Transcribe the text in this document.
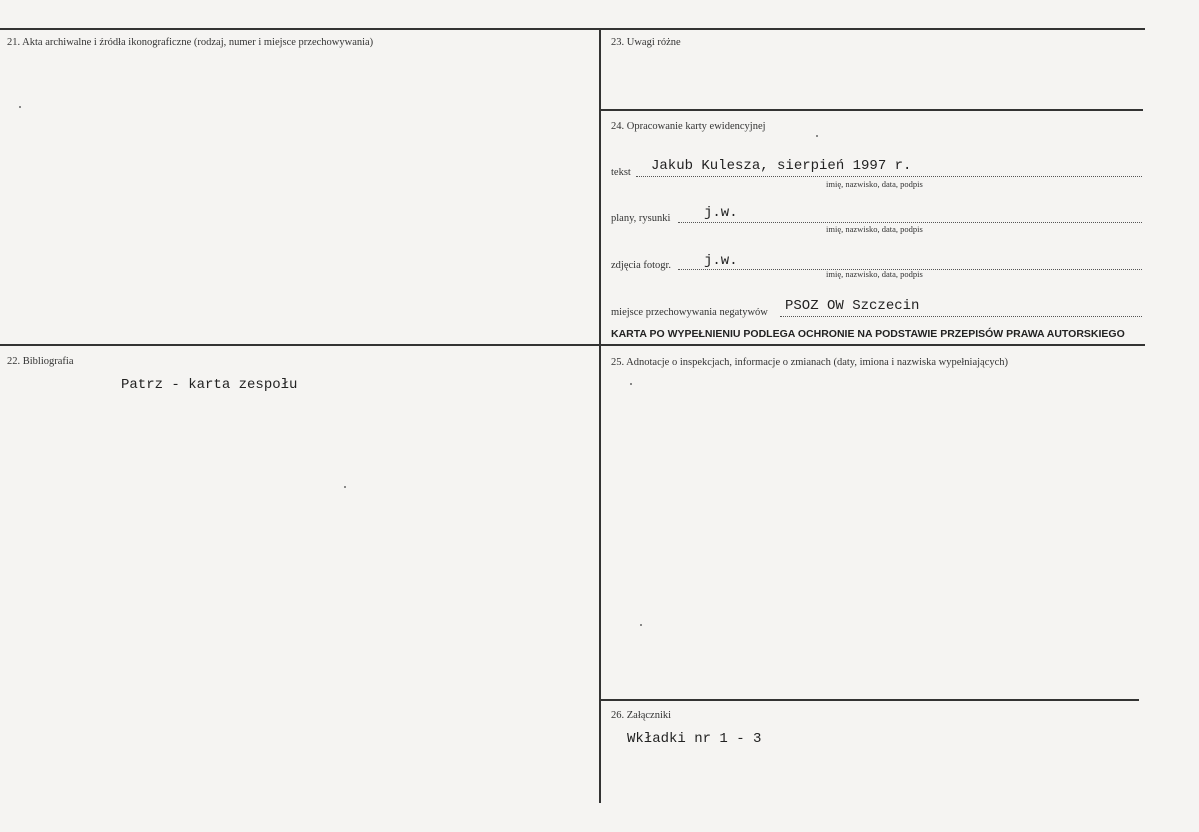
21. Akta archiwalne i źródła ikonograficzne (rodzaj, numer i miejsce przechowywania)
22. Bibliografia
Patrz - karta zespołu
23. Uwagi różne
24. Opracowanie karty ewidencyjnej
tekst Jakub Kulesza, sierpień 1997 r.
imię, nazwisko, data, podpis
plany, rysunki j.w.
imię, nazwisko, data, podpis
zdjęcia fotogr. j.w.
imię, nazwisko, data, podpis
miejsce przechowywania negatywów PSOZ OW Szczecin
KARTA PO WYPEŁNIENIU PODLEGA OCHRONIE NA PODSTAWIE PRZEPISÓW PRAWA AUTORSKIEGO
25. Adnotacje o inspekcjach, informacje o zmianach (daty, imiona i nazwiska wypełniających)
26. Załączniki
Wkładki nr 1 - 3
